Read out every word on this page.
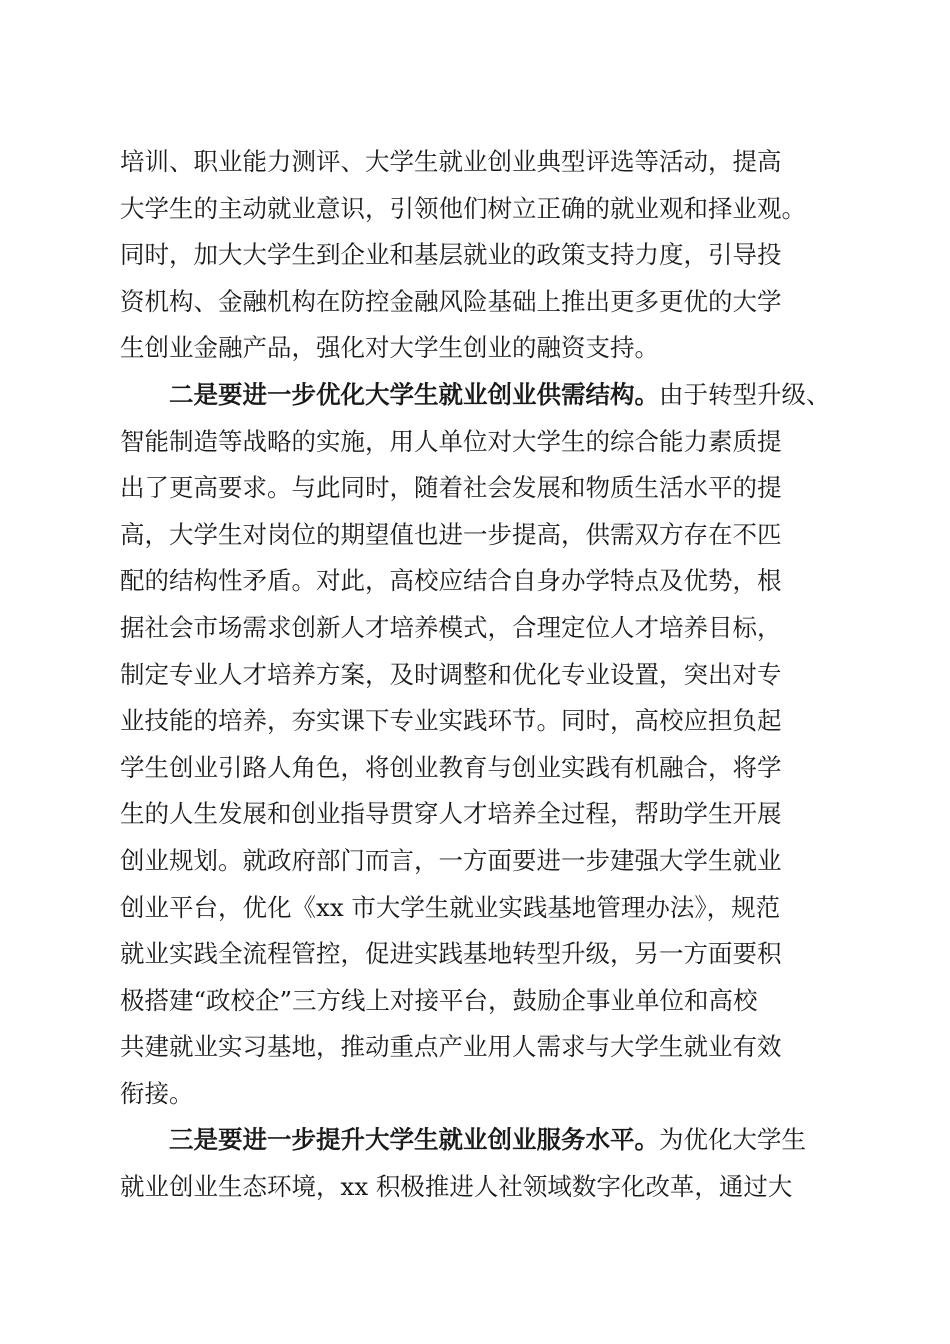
培训、职业能力测评、大学生就业创业典型评选等活动，提高
大学生的主动就业意识，引领他们树立正确的就业观和择业观。
同时，加大大学生到企业和基层就业的政策支持力度，引导投
资机构、金融机构在防控金融风险基础上推出更多更优的大学
生创业金融产品，强化对大学生创业的融资支持。
二是要进一步优化大学生就业创业供需结构。由于转型升级、
智能制造等战略的实施，用人单位对大学生的综合能力素质提
出了更高要求。与此同时，随着社会发展和物质生活水平的提
高，大学生对岗位的期望值也进一步提高，供需双方存在不匹
配的结构性矛盾。对此，高校应结合自身办学特点及优势，根
据社会市场需求创新人才培养模式，合理定位人才培养目标，
制定专业人才培养方案，及时调整和优化专业设置，突出对专
业技能的培养，夯实课下专业实践环节。同时，高校应担负起
学生创业引路人角色，将创业教育与创业实践有机融合，将学
生的人生发展和创业指导贯穿人才培养全过程，帮助学生开展
创业规划。就政府部门而言，一方面要进一步建强大学生就业
创业平台，优化《xx 市大学生就业实践基地管理办法》，规范
就业实践全流程管控，促进实践基地转型升级，另一方面要积
极搭建“政校企”三方线上对接平台，鼓励企事业单位和高校
共建就业实习基地，推动重点产业用人需求与大学生就业有效
衔接。
三是要进一步提升大学生就业创业服务水平。为优化大学生
就业创业生态环境，xx 积极推进人社领域数字化改革，通过大
